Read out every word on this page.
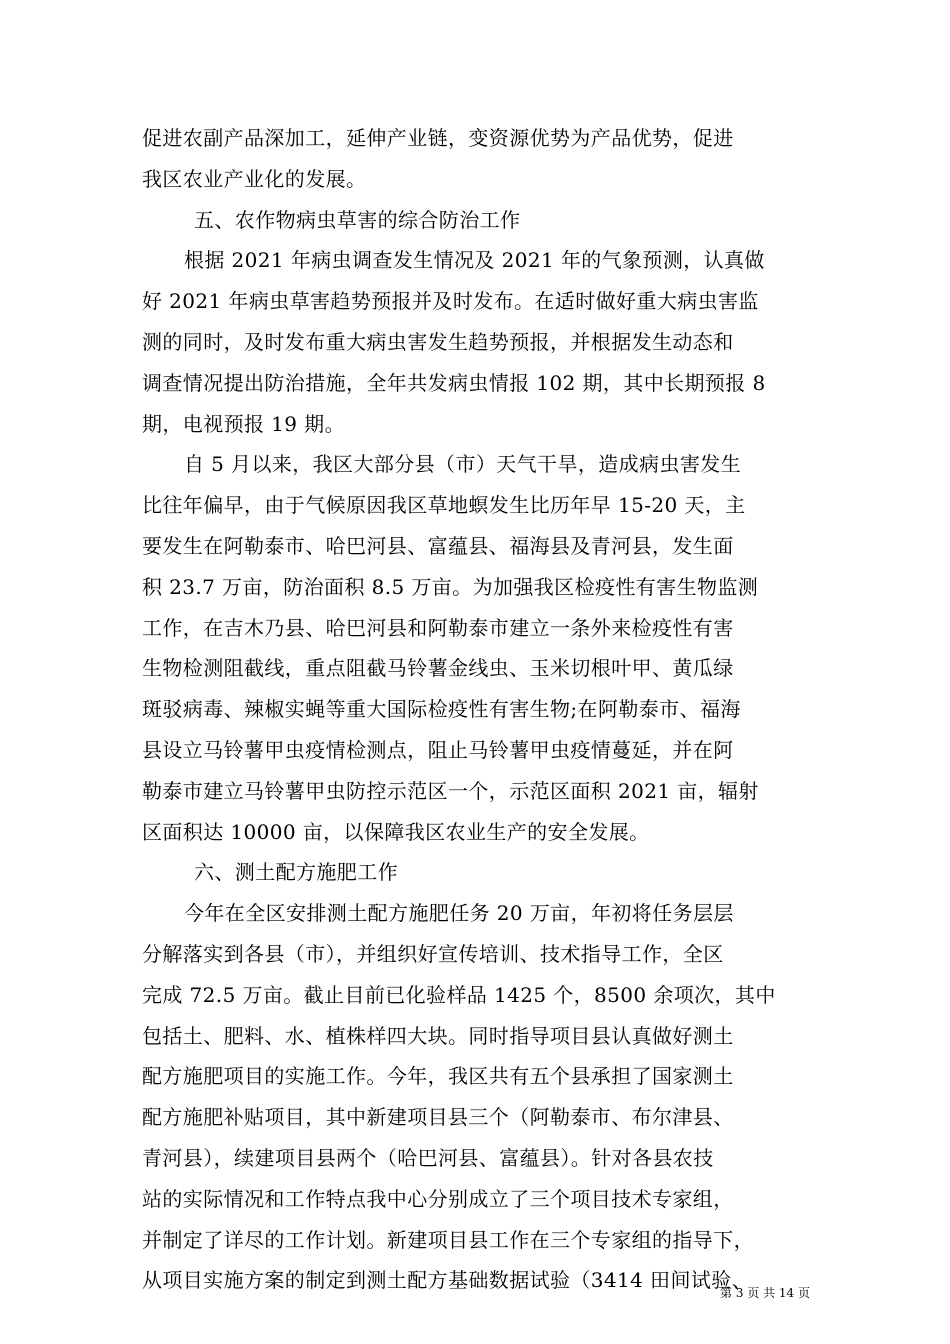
促进农副产品深加工，延伸产业链，变资源优势为产品优势，促进
我区农业产业化的发展。
五、农作物病虫草害的综合防治工作
根据 2021 年病虫调查发生情况及 2021 年的气象预测，认真做
好 2021 年病虫草害趋势预报并及时发布。在适时做好重大病虫害监
测的同时，及时发布重大病虫害发生趋势预报，并根据发生动态和
调查情况提出防治措施，全年共发病虫情报 102 期，其中长期预报 8
期，电视预报 19 期。
自 5 月以来，我区大部分县（市）天气干旱，造成病虫害发生
比往年偏早，由于气候原因我区草地螟发生比历年早 15-20 天，主
要发生在阿勒泰市、哈巴河县、富蕴县、福海县及青河县，发生面
积 23.7 万亩，防治面积 8.5 万亩。为加强我区检疫性有害生物监测
工作，在吉木乃县、哈巴河县和阿勒泰市建立一条外来检疫性有害
生物检测阻截线，重点阻截马铃薯金线虫、玉米切根叶甲、黄瓜绿
斑驳病毒、辣椒实蝇等重大国际检疫性有害生物;在阿勒泰市、福海
县设立马铃薯甲虫疫情检测点，阻止马铃薯甲虫疫情蔓延，并在阿
勒泰市建立马铃薯甲虫防控示范区一个，示范区面积 2021 亩，辐射
区面积达 10000 亩，以保障我区农业生产的安全发展。
六、测土配方施肥工作
今年在全区安排测土配方施肥任务 20 万亩，年初将任务层层
分解落实到各县（市），并组织好宣传培训、技术指导工作，全区
完成 72.5 万亩。截止目前已化验样品 1425 个，8500 余项次，其中
包括土、肥料、水、植株样四大块。同时指导项目县认真做好测土
配方施肥项目的实施工作。今年，我区共有五个县承担了国家测土
配方施肥补贴项目，其中新建项目县三个（阿勒泰市、布尔津县、
青河县），续建项目县两个（哈巴河县、富蕴县）。针对各县农技
站的实际情况和工作特点我中心分别成立了三个项目技术专家组，
并制定了详尽的工作计划。新建项目县工作在三个专家组的指导下，
从项目实施方案的制定到测土配方基础数据试验（3414 田间试验、
第 3 页 共 14 页
